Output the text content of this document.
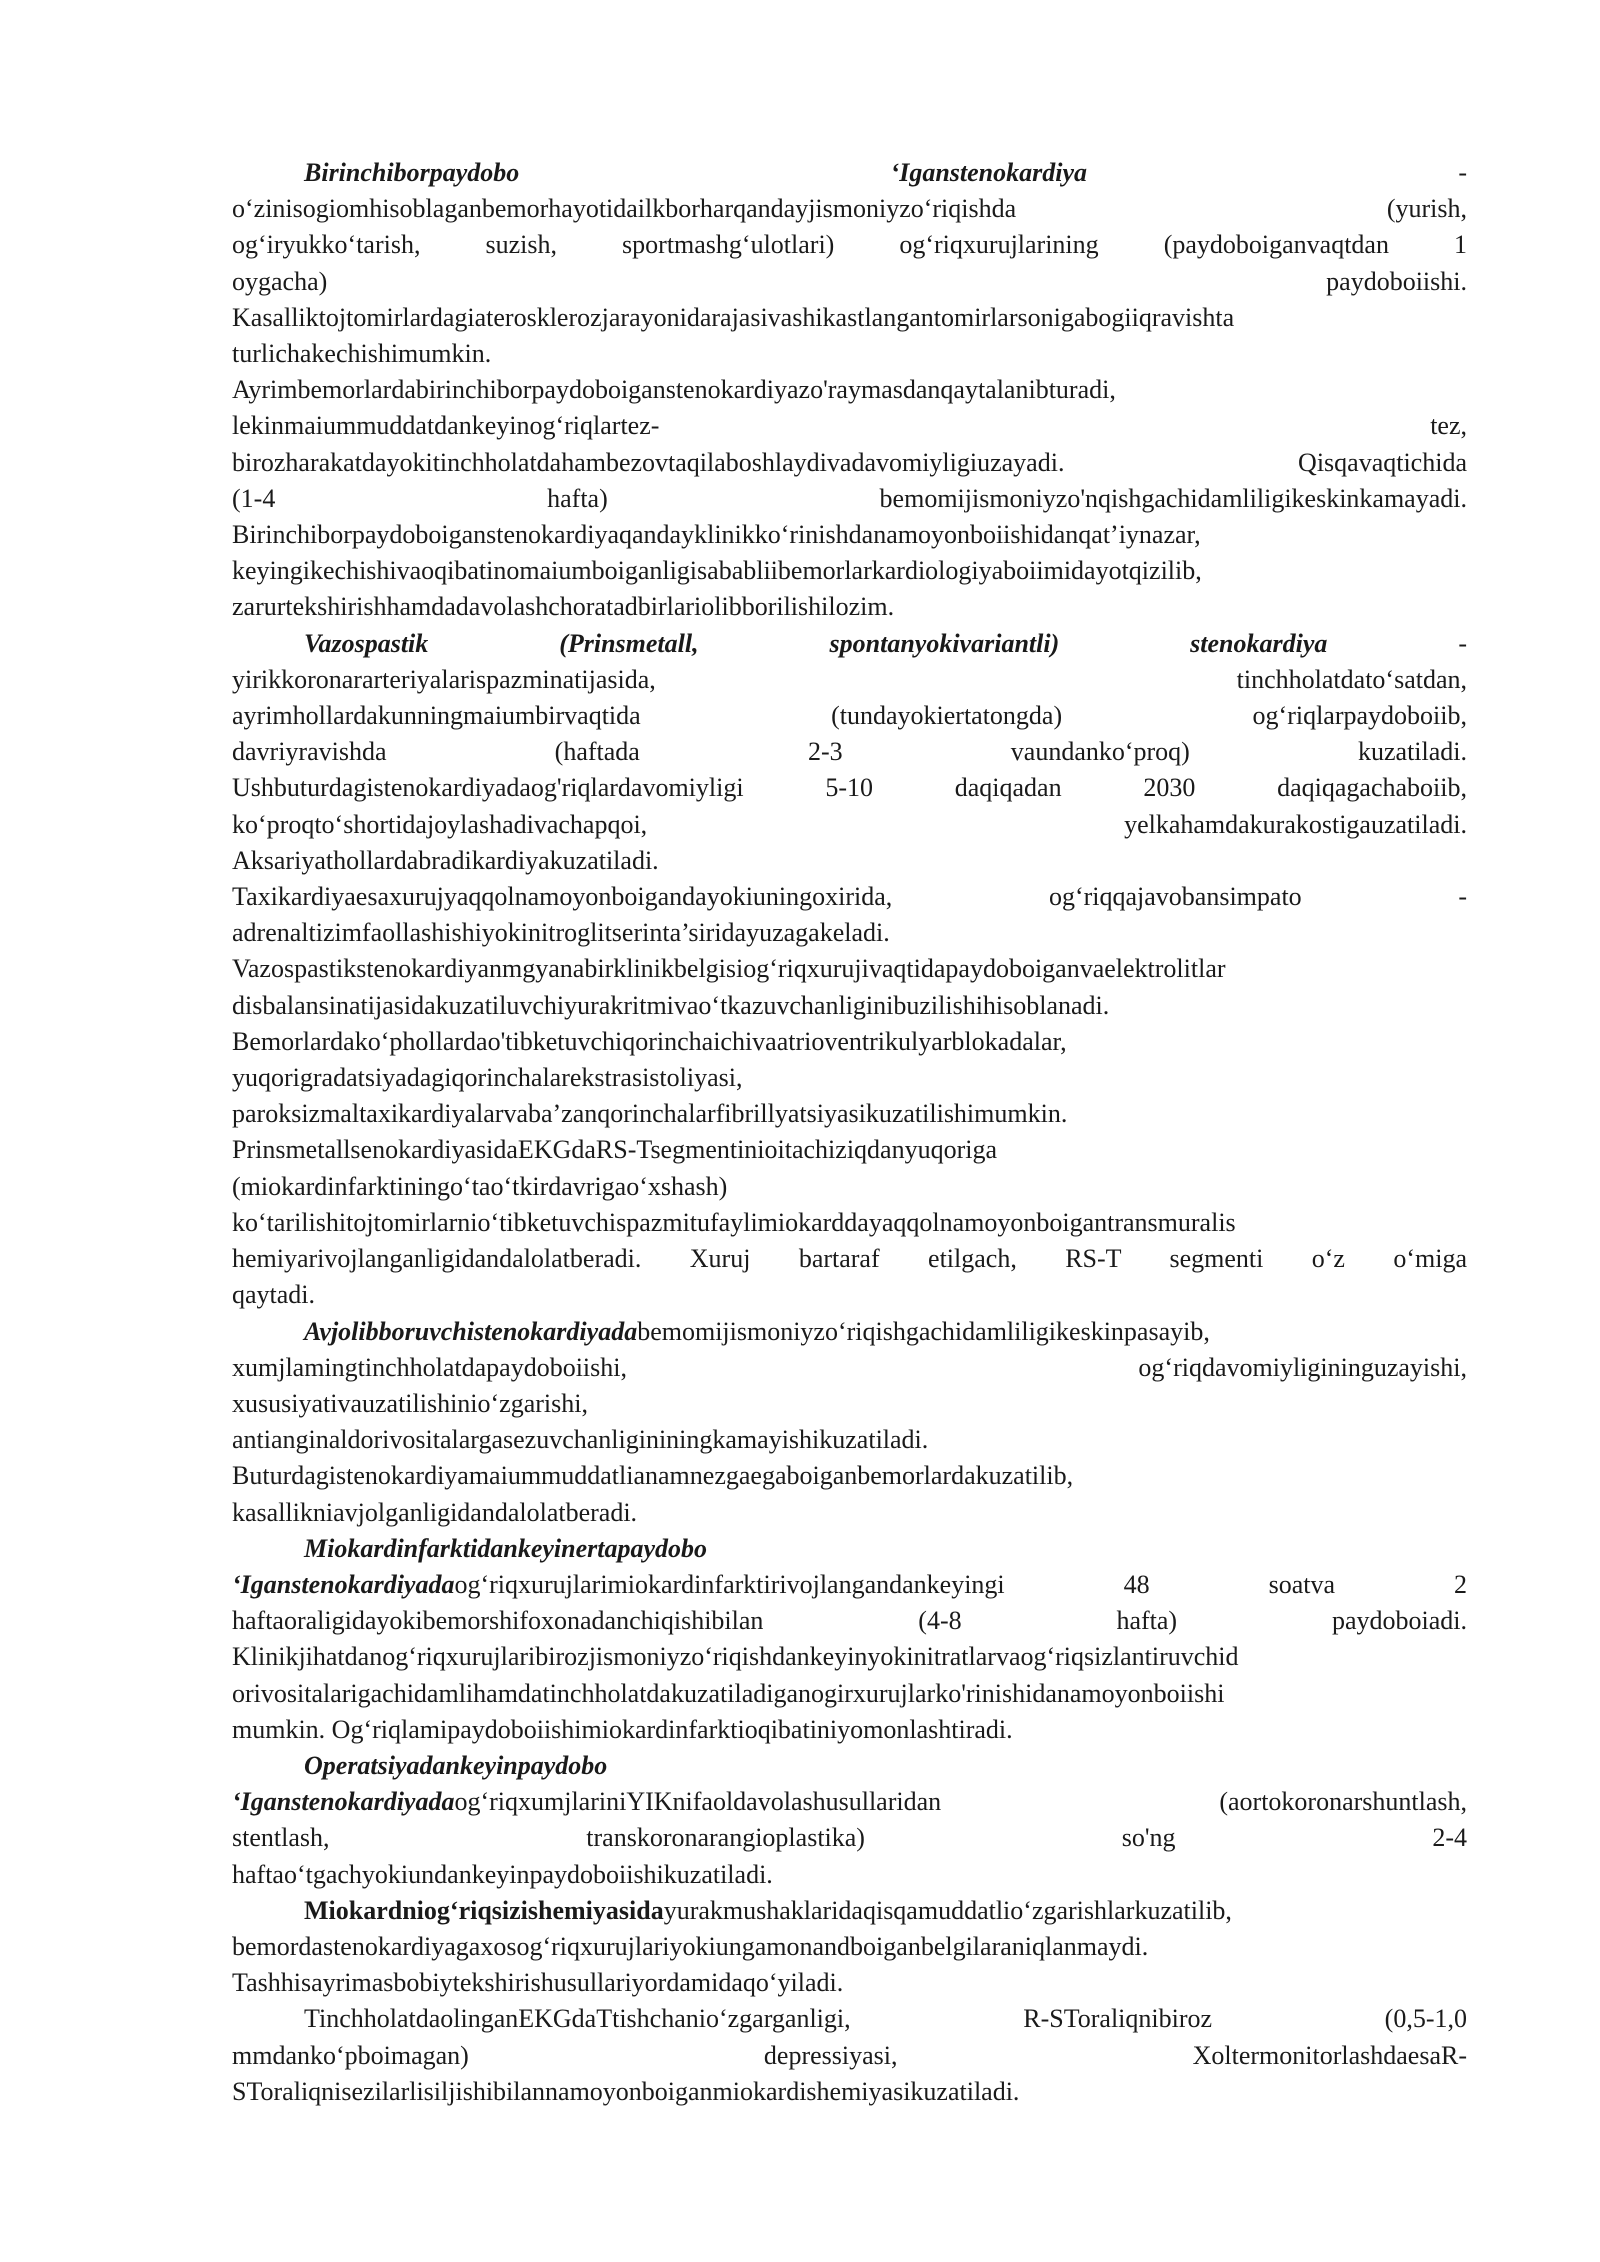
Birinchiborpaydobo ‘Iganstenokardiya -
o‘zinisogiomhisoblaganbemorhayotidailkborharqandayjismoniyzo‘riqishda (yurish,
og‘iryukko‘tarish, suzish, sportmashg‘ulotlari) og‘riqxurujlarining (paydoboiganvaqtdan 1
oygacha) paydoboiishi.
Kasalliktojtomirlardagiaterosklerozjarayonidarajasivashikastlangantomirlarsonigabogiiqravishta
turlichakechishimumkin.
Ayrimbemorlardabirinchiborpaydoboiganstenokardiyazo'raymasdanqaytalanibturadi,
lekinmaiummuddatdankeyinog‘riqlartez- tez,
birozharakatdayokitinchholatdahambezovtaqilaboshlaydivadavomiyligiuzayadi. Qisqavaqtichida
(1-4 hafta) bemomijismoniyzo'nqishgachidamliligikeskinkamayadi.
Birinchiborpaydoboiganstenokardiyaqandayklinikko‘rinishdanamoyonboiishidanqat’iynazar,
keyingikechishivaoqibatinomaiumboiganligisababliibemorlarkardiologiyaboiimidayotqizilib,
zarurtekshirishhamdadavolashchoratadbirlariolibborilishilozim.
Vazospastik (Prinsmetall, spontanyokivariantli) stenokardiya -
yirikkoronararteriyalarispazminatijasida, tinchholatdato‘satdan,
ayrimhollardakunningmaiumbirvaqtida (tundayokiertatongda) og‘riqlarpaydoboiib,
davriyravishda (haftada 2-3 vaundanko‘proq) kuzatiladi.
Ushbuturdagistenokardiyadaog'riqlardavomiyligi 5-10 daqiqadan 2030 daqiqagachaboiib,
ko‘proqto‘shortidajoylashadivachapqoi, yelkahamdakurakostigauzatiladi.
Aksariyathollardabradikardiyakuzatiladi.
Taxikardiyaesaxurujyaqqolnamoyonboigandayokiuningoxirida, og‘riqqajavobansimpato -
adrenaltizimfaollashishiyokinitroglitserinta’siridayuzagakeladi.
Vazospastikstenokardiyanmgyanabirklinikbelgisiog‘riqxurujivaqtidapaydoboiganvaelektrolitlar
disbalansinatijasidakuzatiluvchiyurakritmivao‘tkazuvchanliginibuzilishihisoblanadi.
Bemorlardako‘phollardao'tibketuvchiqorinchaichivaatrioventrikulyarblokadalar,
yuqorigradatsiyadagiqorinchalarekstrasistoliyasi,
paroksizmaltaxikardiyalarvaba’zanqorinchalarfibrillyatsiyasikuzatilishimumkin.
PrinsmetallsenokardiyasidaEKGdaRS-Tsegmentinioitachiziqdanyuqoriga
(miokardinfarktiningo‘tao‘tkirdavrigao‘xshash)
ko‘tarilishitojtomirlarnio‘tibketuvchispazmitufaylimiokarddayaqqolnamoyonboigantransmuralis
hemiyarivojlanganligidandalolatberadi. Xuruj bartaraf etilgach, RS-T segmenti o‘z o‘miga
qaytadi.
Avjolibboruvchistenokardiyadabemomijismoniyzo‘riqishgachidamliligikeskinpasayib,
xumjlamingtinchholatdapaydoboiishi, og‘riqdavomiyligininguzayishi,
xususiyativauzatilishinio‘zgarishi,
antianginaldorivositalargasezuvchanligininingkamayishikuzatiladi.
Buturdagistenokardiyamaiummuddatlianamnezgaegaboiganbemorlardakuzatilib,
kasallikniavjolganligidandalolatberadi.
Miokardinfarktidankeyinertapaydobo
‘Iganstenokardiyadaog‘riqxurujlarimiokardinfarktirivojlangandankeyingi 48 soatva 2
haftaoraligidayokibemorshifoxonadanchiqishibilan (4-8 hafta) paydoboiadi.
Klinikjihatdanog‘riqxurujlaribirozjismoniyzo‘riqishdankeyinyokinitratlarvaog‘riqsizlantiruvchid
orivositalarigachidamlihamdatinchholatdakuzatiladiganogirxurujlarko'rinishidanamoyonboiishi
mumkin. Og‘riqlamipaydoboiishimiokardinfarktioqibatiniyomonlashtiradi.
Operatsiyadankeyinpaydobo
‘Iganstenokardiyadaog‘riqxumjlariniYIKnifaoldavolashusullaridan (aortokoronarshuntlash,
stentlash, transkoronarangioplastika) so'ng 2-4
haftao‘tgachyokiundankeyinpaydoboiishikuzatiladi.
Miokardniog‘riqsizishemiyasidayurakmushaklaridaqisqamuddatlio‘zgarishlarkuzatilib,
bemordastenokardiyagaxosog‘riqxurujlariyokiungamonandboiganbelgilaraniqlanmaydi.
Tashhisayrimasbobiytekshirishusullariyordamidaqo‘yiladi.
TinchholatdaolinganEKGdaTtishchanio‘zgarganligi, R-SToraliqnibiroz (0,5-1,0
mmdanko‘pboimagan) depressiyasi, XoltermonitorlashdaesaR-
SToraliqnisezilarlisiljishibilannamoyonboiganmiokardishemiyasikuzatiladi.
